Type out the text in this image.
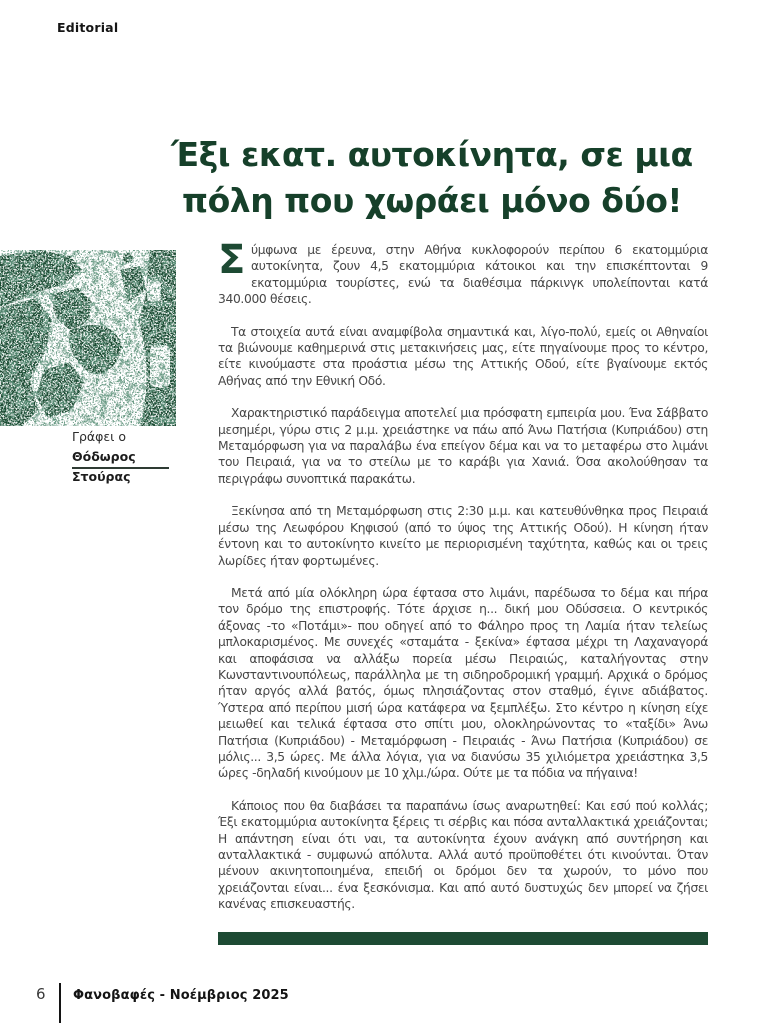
Editorial
Έξι εκατ. αυτοκίνητα, σε μια
πόλη που χωράει μόνο δύο!
Γράφει ο
Θόδωρος Στούρας

Σύμφωνα με έρευνα, στην Αθήνα κυκλοφορούν περίπου 6 εκατομμύρια αυτοκίνητα, ζουν 4,5 εκατομμύρια κάτοικοι και την επισκέπτονται 9 εκατομμύρια τουρίστες, ενώ τα διαθέσιμα πάρκινγκ υπολείπονται κατά 340.000 θέσεις.

Τα στοιχεία αυτά είναι αναμφίβολα σημαντικά και, λίγο-πολύ, εμείς οι Αθηναίοι τα βιώνουμε καθημερινά στις μετακινήσεις μας, είτε πηγαίνουμε προς το κέντρο, είτε κινούμαστε στα προάστια μέσω της Αττικής Οδού, είτε βγαίνουμε εκτός Αθήνας από την Εθνική Οδό.

Χαρακτηριστικό παράδειγμα αποτελεί μια πρόσφατη εμπειρία μου. Ένα Σάββατο μεσημέρι, γύρω στις 2 μ.μ. χρειάστηκε να πάω από Άνω Πατήσια (Κυπριάδου) στη Μεταμόρφωση για να παραλάβω ένα επείγον δέμα και να το μεταφέρω στο λιμάνι του Πειραιά, για να το στείλω με το καράβι για Χανιά. Όσα ακολούθησαν τα περιγράφω συνοπτικά παρακάτω.

Ξεκίνησα από τη Μεταμόρφωση στις 2:30 μ.μ. και κατευθύνθηκα προς Πειραιά μέσω της Λεωφόρου Κηφισού (από το ύψος της Αττικής Οδού). Η κίνηση ήταν έντονη και το αυτοκίνητο κινείτο με περιορισμένη ταχύτητα, καθώς και οι τρεις λωρίδες ήταν φορτωμένες.

Μετά από μία ολόκληρη ώρα έφτασα στο λιμάνι, παρέδωσα το δέμα και πήρα τον δρόμο της επιστροφής. Τότε άρχισε η... δική μου Οδύσσεια. Ο κεντρικός άξονας -το «Ποτάμι»- που οδηγεί από το Φάληρο προς τη Λαμία ήταν τελείως μπλοκαρισμένος. Με συνεχές «σταμάτα - ξεκίνα» έφτασα μέχρι τη Λαχαναγορά και αποφάσισα να αλλάξω πορεία μέσω Πειραιώς, καταλήγοντας στην Κωνσταντινουπόλεως, παράλληλα με τη σιδηροδρομική γραμμή. Αρχικά ο δρόμος ήταν αργός αλλά βατός, όμως πλησιάζοντας στον σταθμό, έγινε αδιάβατος. Ύστερα από περίπου μισή ώρα κατάφερα να ξεμπλέξω. Στο κέντρο η κίνηση είχε μειωθεί και τελικά έφτασα στο σπίτι μου, ολοκληρώνοντας το «ταξίδι» Άνω Πατήσια (Κυπριάδου) - Μεταμόρφωση - Πειραιάς - Άνω Πατήσια (Κυπριάδου) σε μόλις... 3,5 ώρες. Με άλλα λόγια, για να διανύσω 35 χιλιόμετρα χρειάστηκα 3,5 ώρες -δηλαδή κινούμουν με 10 χλμ./ώρα. Ούτε με τα πόδια να πήγαινα!

Κάποιος που θα διαβάσει τα παραπάνω ίσως αναρωτηθεί: Και εσύ πού κολλάς; Έξι εκατομμύρια αυτοκίνητα ξέρεις τι σέρβις και πόσα ανταλλακτικά χρειάζονται; Η απάντηση είναι ότι ναι, τα αυτοκίνητα έχουν ανάγκη από συντήρηση και ανταλλακτικά - συμφωνώ απόλυτα. Αλλά αυτό προϋποθέτει ότι κινούνται. Όταν μένουν ακινητοποιημένα, επειδή οι δρόμοι δεν τα χωρούν, το μόνο που χρειάζονται είναι... ένα ξεσκόνισμα. Και από αυτό δυστυχώς δεν μπορεί να ζήσει κανένας επισκευαστής.

6 Φανοβαφές - Νοέμβριος 2025
